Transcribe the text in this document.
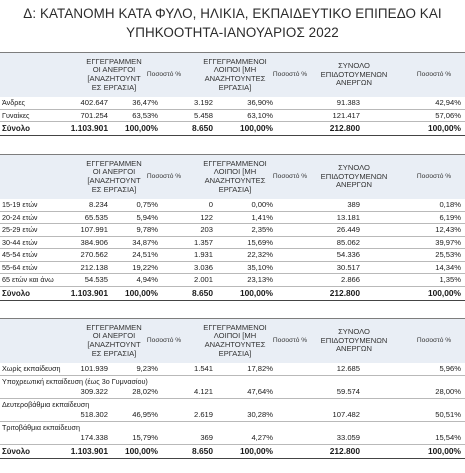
Δ: ΚΑΤΑΝΟΜΗ ΚΑΤΑ ΦΥΛΟ, ΗΛΙΚΙΑ, ΕΚΠΑΙΔΕΥΤΙΚΟ ΕΠΙΠΕΔΟ ΚΑΙ
ΥΠΗΚΟΟΤΗΤΑ-ΙΑΝΟΥΑΡΙΟΣ 2022
ΕΓΓΕΓΡΑΜΜΕΝ ΟΙ ΑΝΕΡΓΟΙ [ΑΝΑΖΗΤΟΥΝΤ ΕΣ ΕΡΓΑΣΙΑ]
Ποσοστό %
ΕΓΓΕΓΡΑΜΜΕΝΟΙ ΛΟΙΠΟΙ [ΜΗ ΑΝΑΖΗΤΟΥΝΤΕΣ ΕΡΓΑΣΙΑ]
Ποσοστό %
ΣΥΝΟΛΟ ΕΠΙΔΟΤΟΥΜΕΝΩΝ ΑΝΕΡΓΩΝ
Ποσοστό %
Άνδρες	402.647	36,47%	3.192	36,90%	91.383	42,94%
Γυναίκες	701.254	63,53%	5.458	63,10%	121.417	57,06%
Σύνολο	1.103.901 100,00%	8.650	100,00%	212.800	100,00%
ΕΓΓΕΓΡΑΜΜΕΝ ΟΙ ΑΝΕΡΓΟΙ [ΑΝΑΖΗΤΟΥΝΤ ΕΣ ΕΡΓΑΣΙΑ]
Ποσοστό %
ΕΓΓΕΓΡΑΜΜΕΝΟΙ ΛΟΙΠΟΙ [ΜΗ ΑΝΑΖΗΤΟΥΝΤΕΣ ΕΡΓΑΣΙΑ]
Ποσοστό %
ΣΥΝΟΛΟ ΕΠΙΔΟΤΟΥΜΕΝΩΝ ΑΝΕΡΓΩΝ
Ποσοστό %
15-19 ετών	8.234	0,75%	0	0,00%	389	0,18%
20-24 ετών	65.535	5,94%	122	1,41%	13.181	6,19%
25-29 ετών	107.991	9,78%	203	2,35%	26.449	12,43%
30-44 ετών	384.906	34,87%	1.357	15,69%	85.062	39,97%
45-54 ετών	270.562	24,51%	1.931	22,32%	54.336	25,53%
55-64 ετών	212.138	19,22%	3.036	35,10%	30.517	14,34%
65 ετών και άνω	54.535	4,94%	2.001	23,13%	2.866	1,35%
Σύνολο	1.103.901 100,00%	8.650	100,00%	212.800	100,00%
ΕΓΓΕΓΡΑΜΜΕΝ ΟΙ ΑΝΕΡΓΟΙ [ΑΝΑΖΗΤΟΥΝΤ ΕΣ ΕΡΓΑΣΙΑ]
Ποσοστό %
ΕΓΓΕΓΡΑΜΜΕΝΟΙ ΛΟΙΠΟΙ [ΜΗ ΑΝΑΖΗΤΟΥΝΤΕΣ ΕΡΓΑΣΙΑ]
Ποσοστό %
ΣΥΝΟΛΟ ΕΠΙΔΟΤΟΥΜΕΝΩΝ ΑΝΕΡΓΩΝ
Ποσοστό %
Χωρίς εκπαίδευση	101.939	9,23%	1.541	17,82%	12.685	5,96%
Υποχρεωτική εκπαίδευση (έως 3ο Γυμνασίου)
309.322	28,02%	4.121	47,64%	59.574	28,00%
Δευτεροβάθμια εκπαίδευση
518.302	46,95%	2.619	30,28%	107.482	50,51%
Τριτοβάθμια εκπαίδευση
174.338	15,79%	369	4,27%	33.059	15,54%
Σύνολο	1.103.901 100,00%	8.650	100,00%	212.800	100,00%
